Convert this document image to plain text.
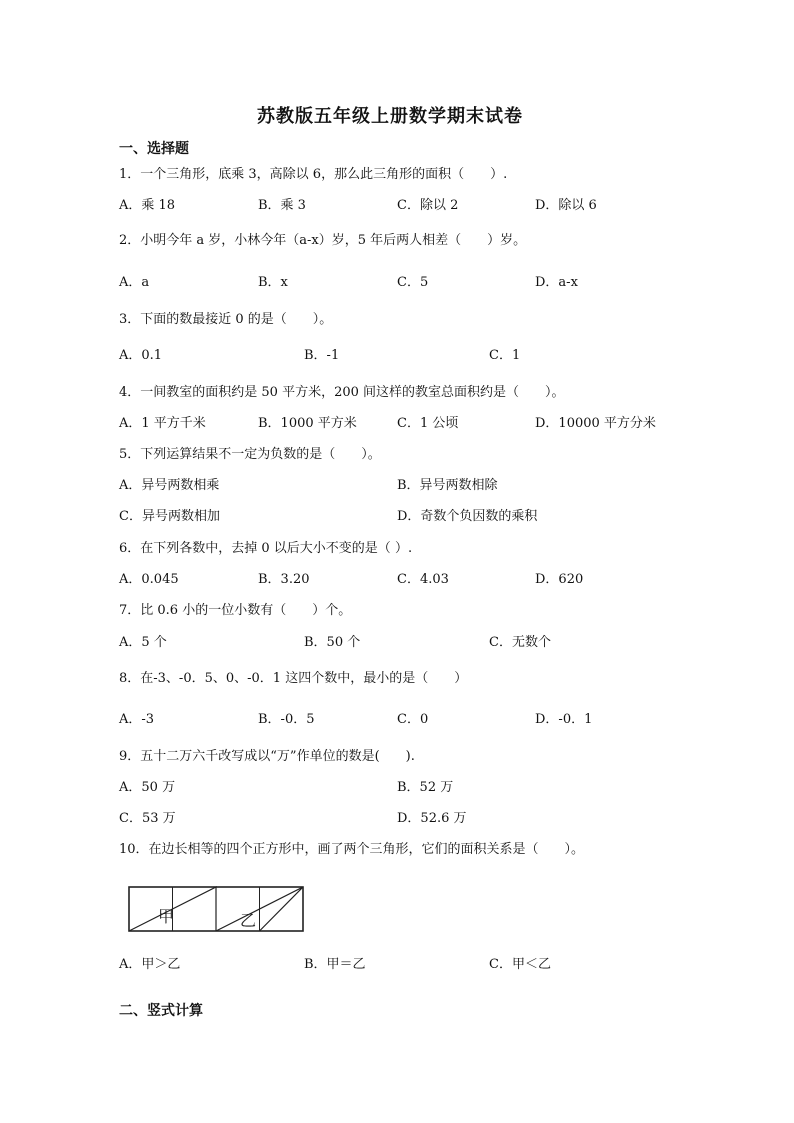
苏教版五年级上册数学期末试卷
一、选择题
1．一个三角形，底乘 3，高除以 6，那么此三角形的面积（　　）.
A．乘 18	B．乘 3	C．除以 2	D．除以 6
2．小明今年 a 岁，小林今年（a-x）岁，5 年后两人相差（　　）岁。
A．a	B．x	C．5	D．a-x
3．下面的数最接近 0 的是（　　）。
A．0.1	B．-1	C．1
4．一间教室的面积约是 50 平方米，200 间这样的教室总面积约是（　　）。
A．1 平方千米	B．1000 平方米	C．1 公顷	D．10000 平方分米
5．下列运算结果不一定为负数的是（　　）。
A．异号两数相乘	B．异号两数相除
C．异号两数相加	D．奇数个负因数的乘积
6．在下列各数中，去掉 0 以后大小不变的是（ ）.
A．0.045	B．3.20	C．4.03	D．620
7．比 0.6 小的一位小数有（　　）个。
A．5 个	B．50 个	C．无数个
8．在-3、-0．5、0、-0．1 这四个数中，最小的是（　　）
A．-3	B．-0．5	C．0	D．-0．1
9．五十二万六千改写成以“万”作单位的数是(　　).
A．50 万	B．52 万
C．53 万	D．52.6 万
10．在边长相等的四个正方形中，画了两个三角形，它们的面积关系是（　　）。
甲	乙
A．甲＞乙	B．甲＝乙	C．甲＜乙
二、竖式计算
